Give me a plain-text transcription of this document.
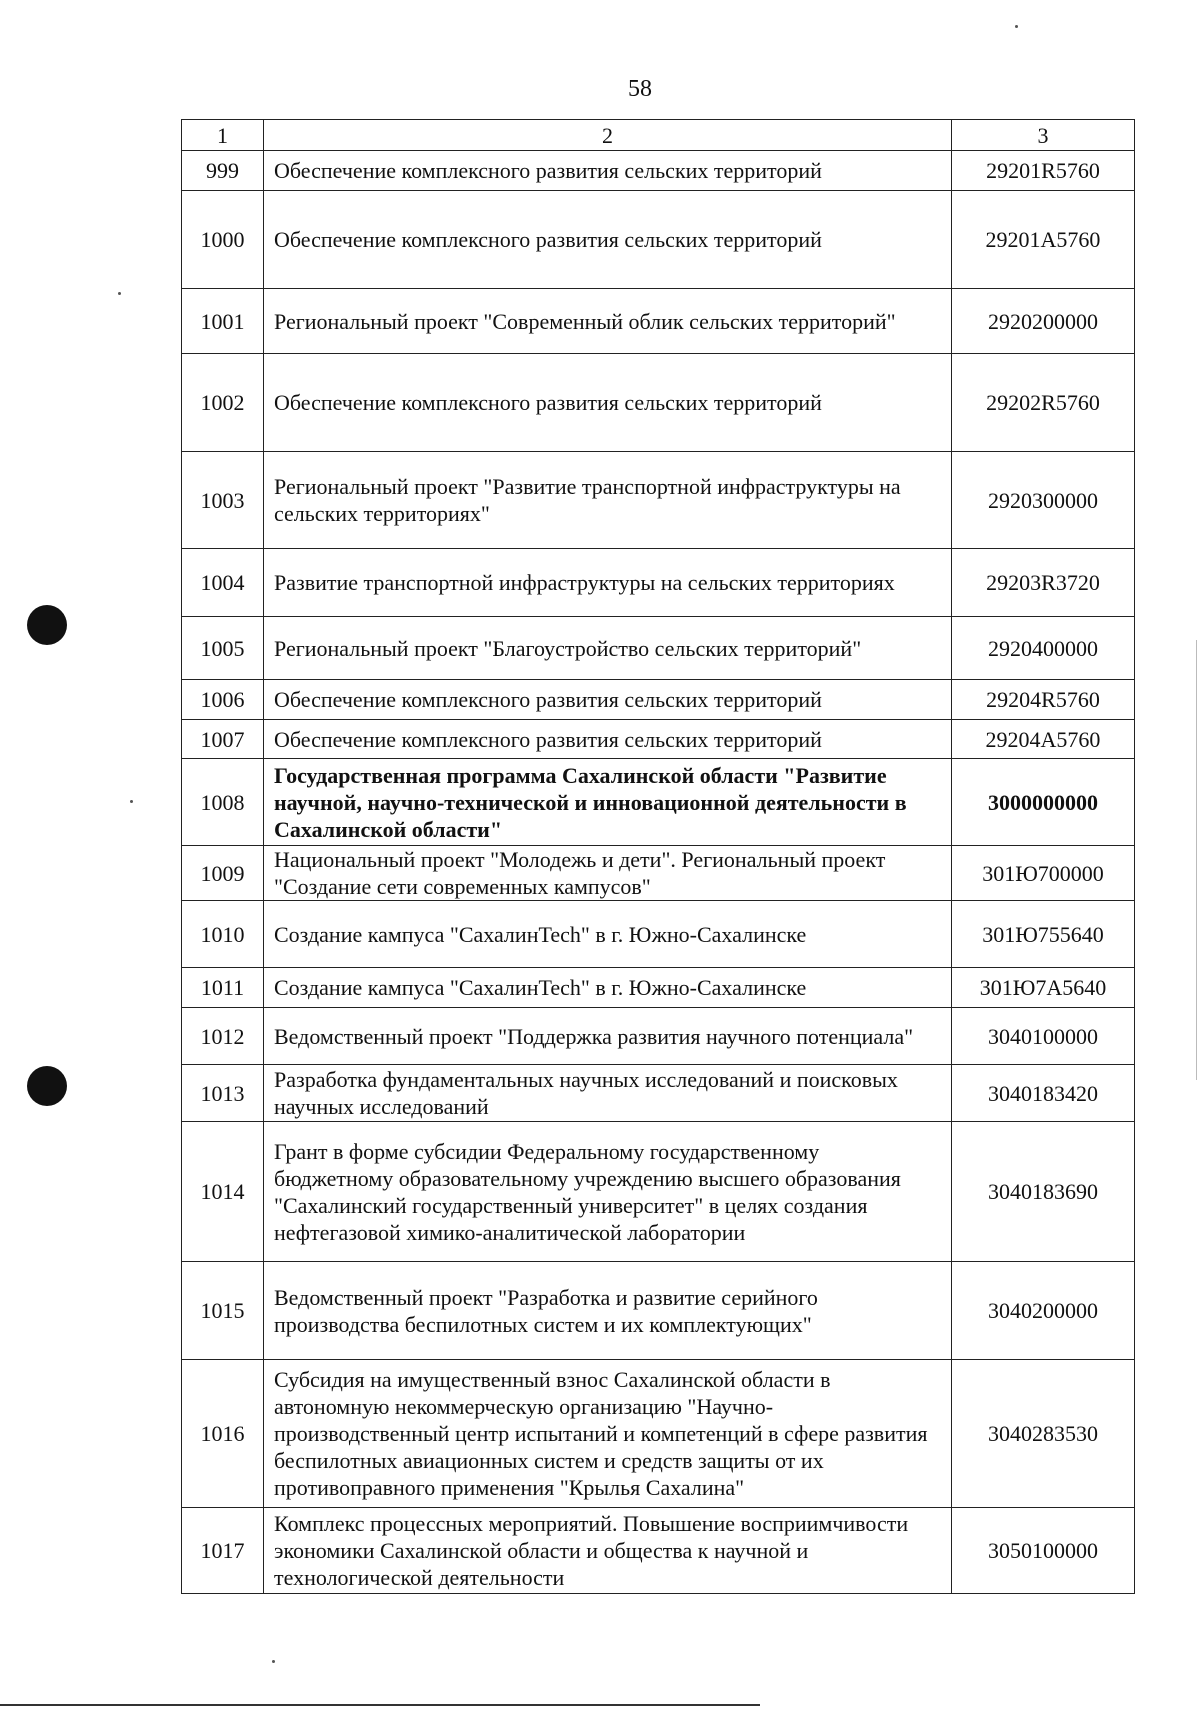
58
1	2	3
999	Обеспечение комплексного развития сельских территорий	29201R5760
1000	Обеспечение комплексного развития сельских территорий	29201A5760
1001	Региональный проект "Современный облик сельских территорий"	2920200000
1002	Обеспечение комплексного развития сельских территорий	29202R5760
1003	Региональный проект "Развитие транспортной инфраструктуры на сельских территориях"	2920300000
1004	Развитие транспортной инфраструктуры на сельских территориях	29203R3720
1005	Региональный проект "Благоустройство сельских территорий"	2920400000
1006	Обеспечение комплексного развития сельских территорий	29204R5760
1007	Обеспечение комплексного развития сельских территорий	29204A5760
1008	Государственная программа Сахалинской области "Развитие научной, научно-технической и инновационной деятельности в Сахалинской области"	3000000000
1009	Национальный проект "Молодежь и дети". Региональный проект "Создание сети современных кампусов"	301Ю700000
1010	Создание кампуса "СахалинTech" в г. Южно-Сахалинске	301Ю755640
1011	Создание кампуса "СахалинTech" в г. Южно-Сахалинске	301Ю7A5640
1012	Ведомственный проект "Поддержка развития научного потенциала"	3040100000
1013	Разработка фундаментальных научных исследований и поисковых научных исследований	3040183420
1014	Грант в форме субсидии Федеральному государственному бюджетному образовательному учреждению высшего образования "Сахалинский государственный университет" в целях создания нефтегазовой химико-аналитической лаборатории	3040183690
1015	Ведомственный проект "Разработка и развитие серийного производства беспилотных систем и их комплектующих"	3040200000
1016	Субсидия на имущественный взнос Сахалинской области в автономную некоммерческую организацию "Научно-производственный центр испытаний и компетенций в сфере развития беспилотных авиационных систем и средств защиты от их противоправного применения "Крылья Сахалина"	3040283530
1017	Комплекс процессных мероприятий. Повышение восприимчивости экономики Сахалинской области и общества к научной и технологической деятельности	3050100000
